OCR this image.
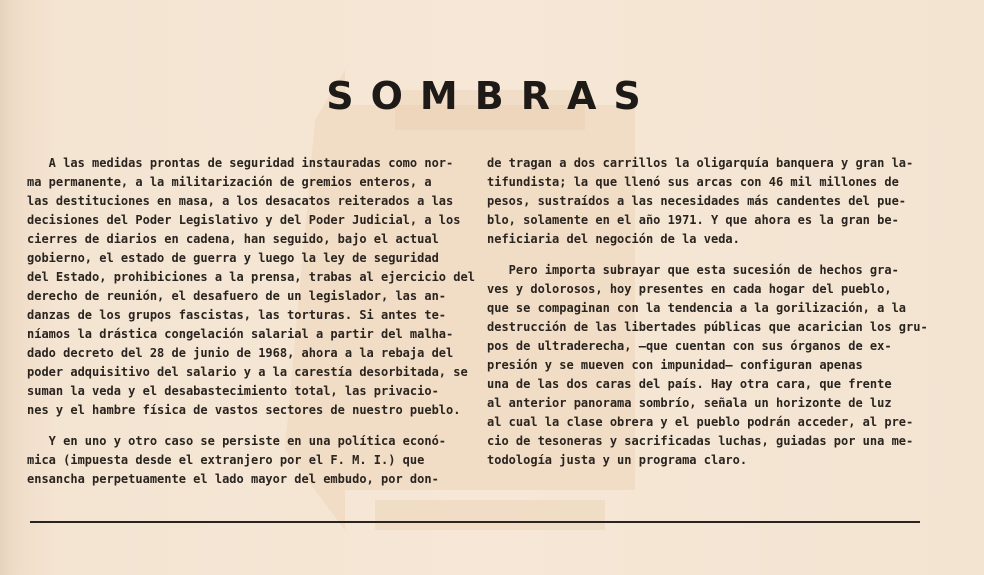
SOMBRAS

A las medidas prontas de seguridad instauradas como nor-

ma permanente, a la militarización de gremios enteros, a

las destituciones en masa, a los desacatos reiterados a las

decisiones del Poder Legislativo y del Poder Judicial, a los

cierres de diarios en cadena, han seguido, bajo el actual

gobierno, el estado de guerra y luego la ley de seguridad

del Estado, prohibiciones a la prensa, trabas al ejercicio del

derecho de reunión, el desafuero de un legislador, las an-

danzas de los grupos fascistas, las torturas. Si antes te-

níamos la drástica congelación salarial a partir del malha-

dado decreto del 28 de junio de 1968, ahora a la rebaja del

poder adquisitivo del salario y a la carestía desorbitada, se

suman la veda y el desabastecimiento total, las privacio-

nes y el hambre física de vastos sectores de nuestro pueblo.

Y en uno y otro caso se persiste en una política econó-

mica (impuesta desde el extranjero por el F. M. I.) que

ensancha perpetuamente el lado mayor del embudo, por don-

de tragan a dos carrillos la oligarquía banquera y gran la-

tifundista; la que llenó sus arcas con 46 mil millones de

pesos, sustraídos a las necesidades más candentes del pue-

blo, solamente en el año 1971. Y que ahora es la gran be-

neficiaria del negoción de la veda.

Pero importa subrayar que esta sucesión de hechos gra-

ves y dolorosos, hoy presentes en cada hogar del pueblo,

que se compaginan con la tendencia a la gorilización, a la

destrucción de las libertades públicas que acarician los gru-

pos de ultraderecha, —que cuentan con sus órganos de ex-

presión y se mueven con impunidad— configuran apenas

una de las dos caras del país. Hay otra cara, que frente

al anterior panorama sombrío, señala un horizonte de luz

al cual la clase obrera y el pueblo podrán acceder, al pre-

cio de tesoneras y sacrificadas luchas, guiadas por una me-

todología justa y un programa claro.
